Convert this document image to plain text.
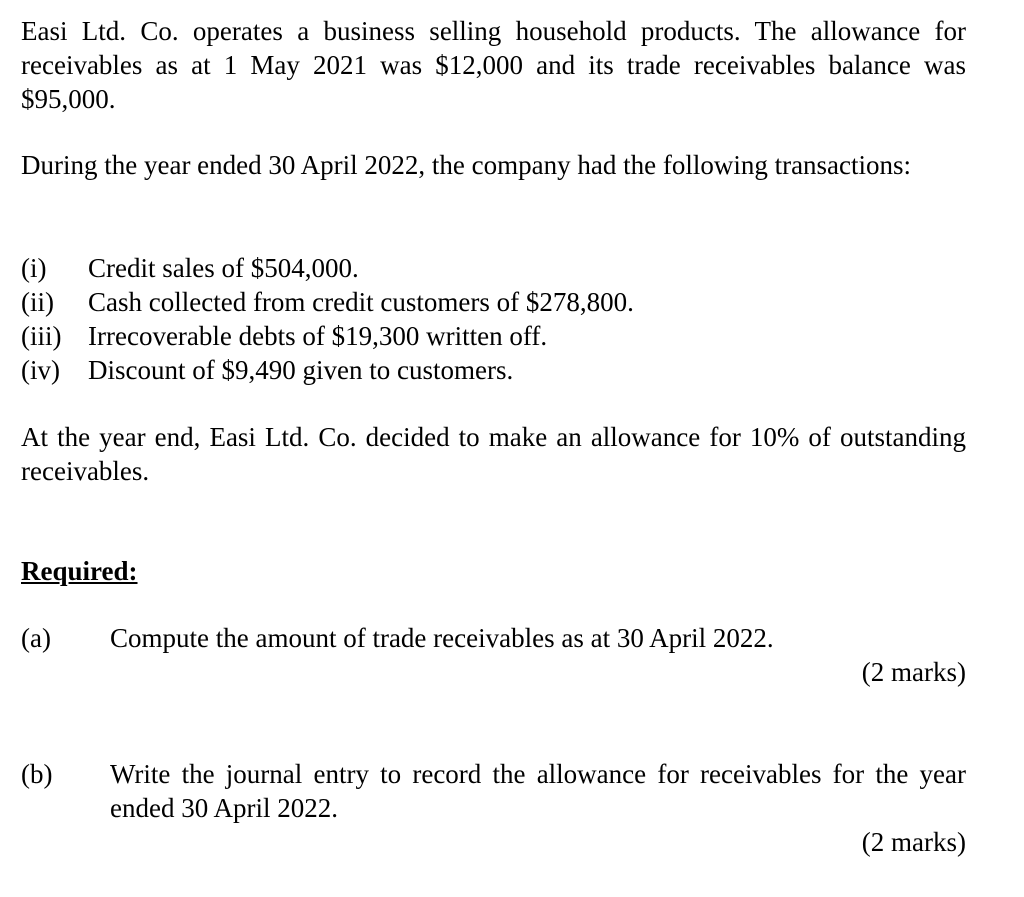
Easi Ltd. Co. operates a business selling household products. The allowance for receivables as at 1 May 2021 was $12,000 and its trade receivables balance was $95,000.

During the year ended 30 April 2022, the company had the following transactions:

(i) Credit sales of $504,000.
(ii) Cash collected from credit customers of $278,800.
(iii) Irrecoverable debts of $19,300 written off.
(iv) Discount of $9,490 given to customers.

At the year end, Easi Ltd. Co. decided to make an allowance for 10% of outstanding receivables.

Required:
(a) Compute the amount of trade receivables as at 30 April 2022.
(2 marks)
(b) Write the journal entry to record the allowance for receivables for the year ended 30 April 2022.
(2 marks)
